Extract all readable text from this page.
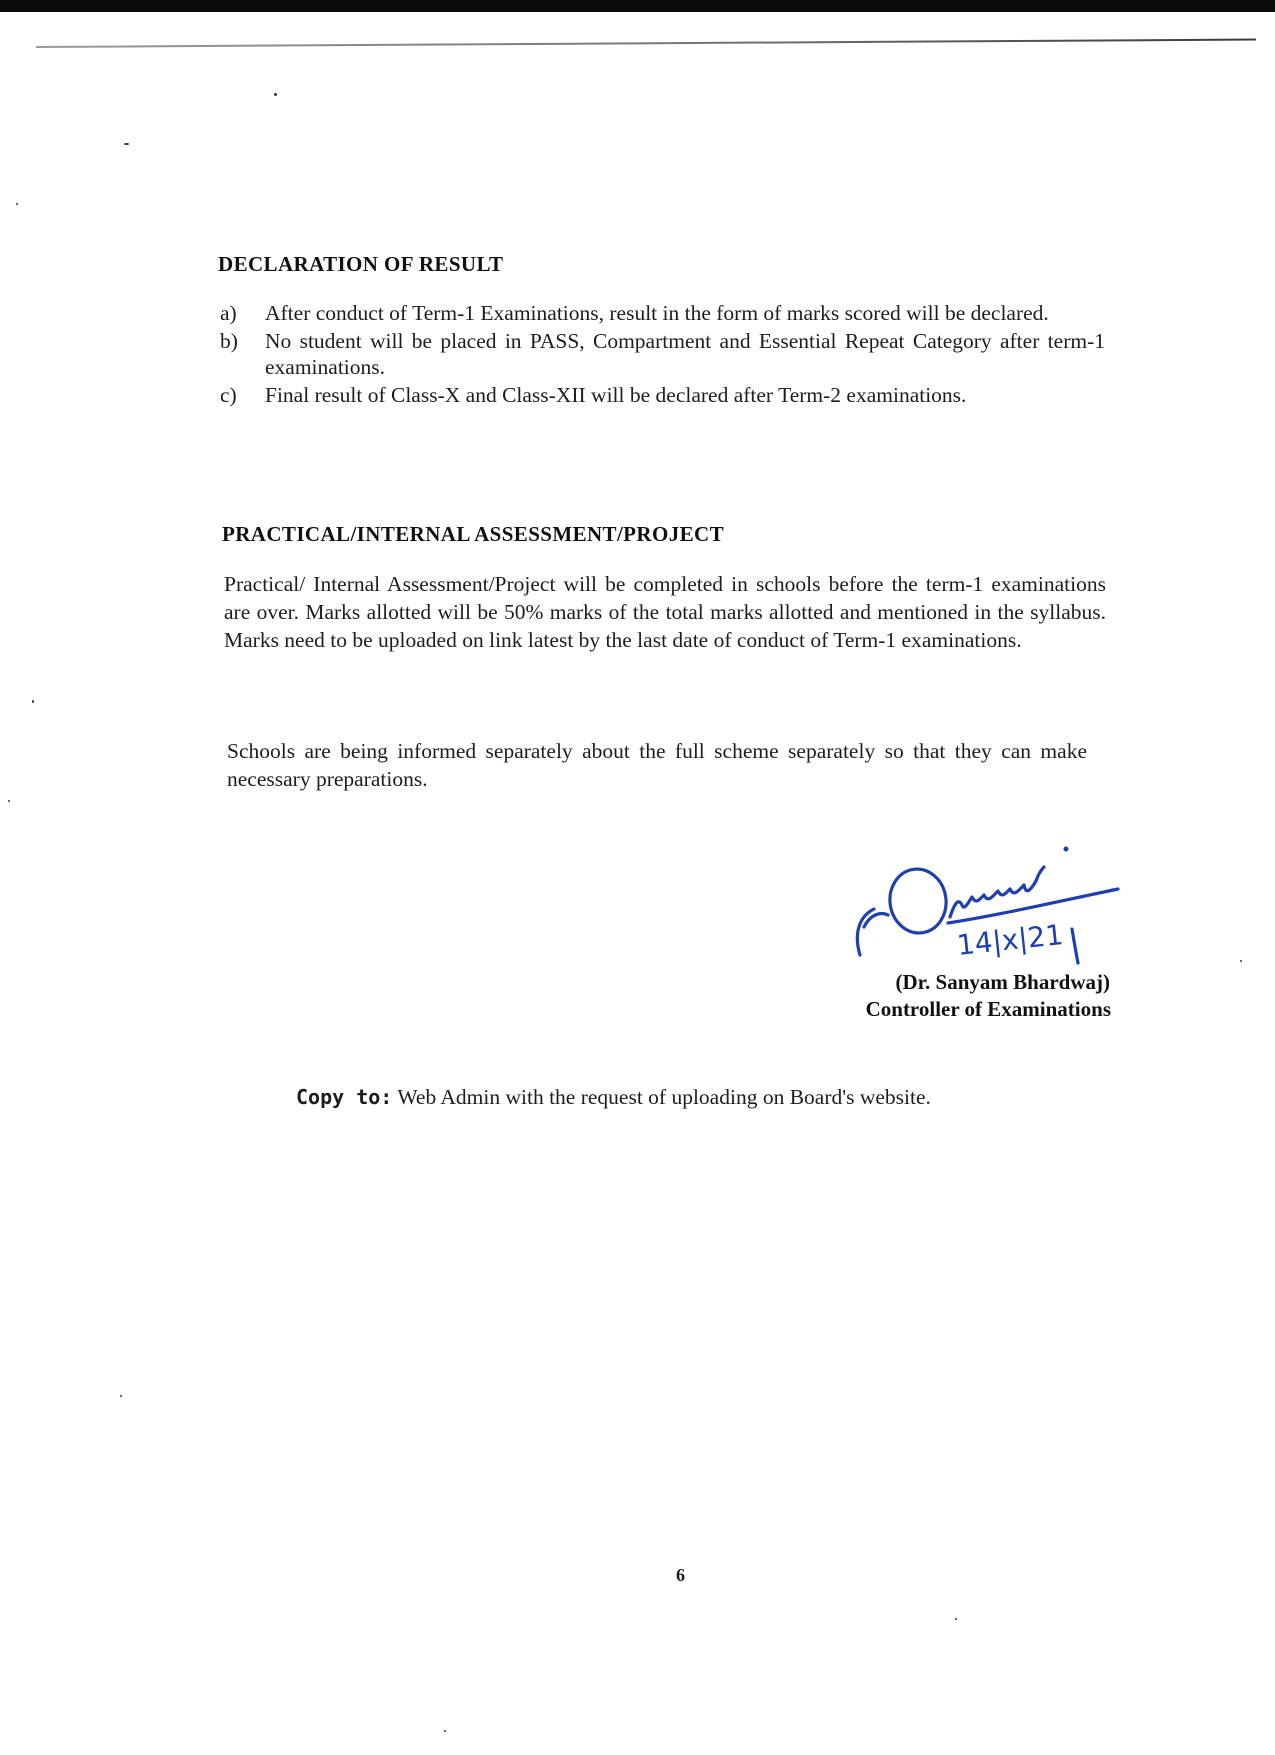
DECLARATION OF RESULT
a) After conduct of Term-1 Examinations, result in the form of marks scored will be declared.
b) No student will be placed in PASS, Compartment and Essential Repeat Category after term-1 examinations.
c) Final result of Class-X and Class-XII will be declared after Term-2 examinations.
PRACTICAL/INTERNAL ASSESSMENT/PROJECT

Practical/ Internal Assessment/Project will be completed in schools before the term-1 examinations are over. Marks allotted will be 50% marks of the total marks allotted and mentioned in the syllabus. Marks need to be uploaded on link latest by the last date of conduct of Term-1 examinations.

Schools are being informed separately about the full scheme separately so that they can make necessary preparations.

14|x|21

(Dr. Sanyam Bhardwaj)

Controller of Examinations

Copy to: Web Admin with the request of uploading on Board's website.

6
